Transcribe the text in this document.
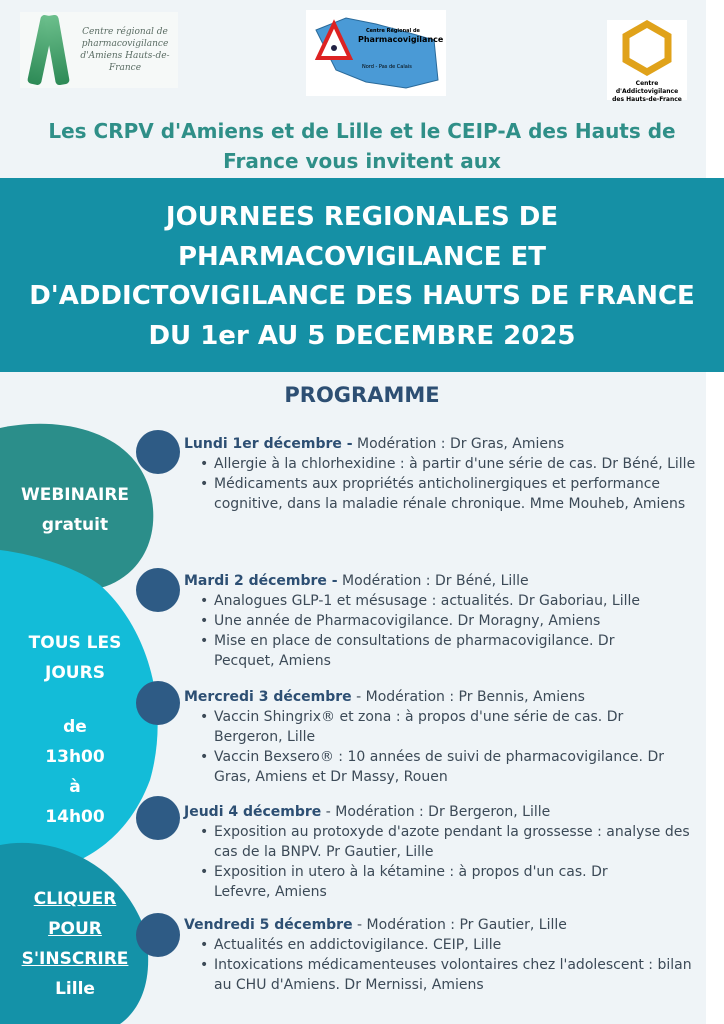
Centre régional de pharmacovigilance d'Amiens Hauts-de-France
Centre Régional de
Pharmacovigilance
Nord - Pas de Calais
Centre d'Addictovigilance
des Hauts-de-France
Les CRPV d'Amiens et de Lille et le CEIP-A des Hauts de
France vous invitent aux
JOURNEES REGIONALES DE
PHARMACOVIGILANCE ET
D'ADDICTOVIGILANCE DES HAUTS DE FRANCE
DU 1er AU 5 DECEMBRE 2025
PROGRAMME
WEBINAIRE
gratuit
TOUS LES
JOURS
de
13h00
à
14h00
CLIQUER
POUR
S'INSCRIRE
Lille
Lundi 1er décembre - Modération : Dr Gras, Amiens
• Allergie à la chlorhexidine : à partir d'une série de cas. Dr Béné, Lille
• Médicaments aux propriétés anticholinergiques et performance cognitive, dans la maladie rénale chronique. Mme Mouheb, Amiens
Mardi 2 décembre - Modération : Dr Béné, Lille
• Analogues GLP-1 et mésusage : actualités. Dr Gaboriau, Lille
• Une année de Pharmacovigilance. Dr Moragny, Amiens
• Mise en place de consultations de pharmacovigilance. Dr Pecquet, Amiens
Mercredi 3 décembre - Modération : Pr Bennis, Amiens
• Vaccin Shingrix® et zona : à propos d'une série de cas. Dr Bergeron, Lille
• Vaccin Bexsero® : 10 années de suivi de pharmacovigilance. Dr Gras, Amiens et Dr Massy, Rouen
Jeudi 4 décembre - Modération : Dr Bergeron, Lille
• Exposition au protoxyde d'azote pendant la grossesse : analyse des cas de la BNPV. Pr Gautier, Lille
• Exposition in utero à la kétamine : à propos d'un cas. Dr Lefevre, Amiens
Vendredi 5 décembre - Modération : Pr Gautier, Lille
• Actualités en addictovigilance. CEIP, Lille
• Intoxications médicamenteuses volontaires chez l'adolescent : bilan au CHU d'Amiens. Dr Mernissi, Amiens
